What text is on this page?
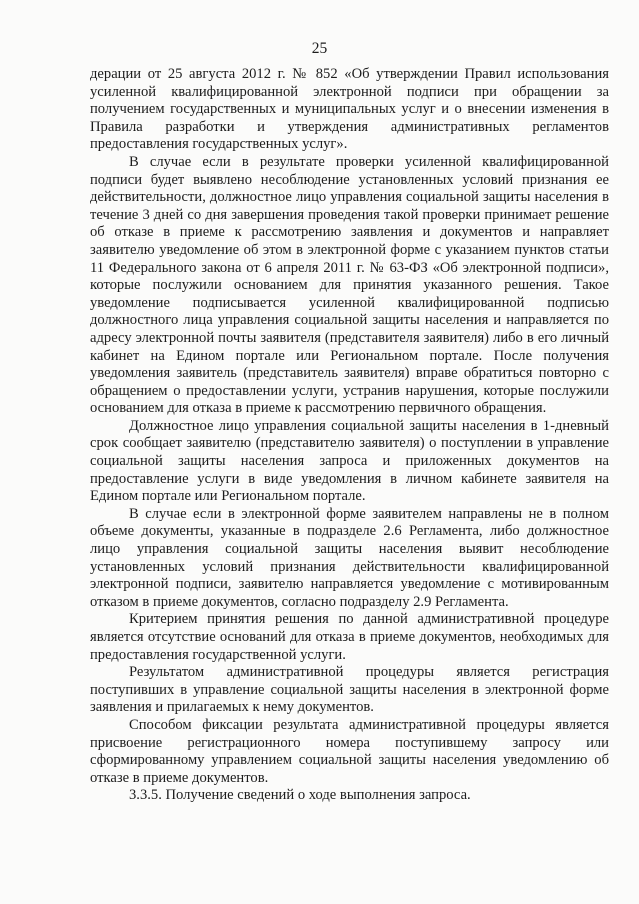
25

дерации от 25 августа 2012 г. № 852 «Об утверждении Правил использования усиленной квалифицированной электронной подписи при обращении за получением государственных и муниципальных услуг и о внесении изменения в Правила разработки и утверждения административных регламентов предоставления государственных услуг».

В случае если в результате проверки усиленной квалифицированной подписи будет выявлено несоблюдение установленных условий признания ее действительности, должностное лицо управления социальной защиты населения в течение 3 дней со дня завершения проведения такой проверки принимает решение об отказе в приеме к рассмотрению заявления и документов и направляет заявителю уведомление об этом в электронной форме с указанием пунктов статьи 11 Федерального закона от 6 апреля 2011 г. № 63-ФЗ «Об электронной подписи», которые послужили основанием для принятия указанного решения. Такое уведомление подписывается усиленной квалифицированной подписью должностного лица управления социальной защиты населения и направляется по адресу электронной почты заявителя (представителя заявителя) либо в его личный кабинет на Едином портале или Региональном портале. После получения уведомления заявитель (представитель заявителя) вправе обратиться повторно с обращением о предоставлении услуги, устранив нарушения, которые послужили основанием для отказа в приеме к рассмотрению первичного обращения.

Должностное лицо управления социальной защиты населения в 1-дневный срок сообщает заявителю (представителю заявителя) о поступлении в управление социальной защиты населения запроса и приложенных документов на предоставление услуги в виде уведомления в личном кабинете заявителя на Едином портале или Региональном портале.

В случае если в электронной форме заявителем направлены не в полном объеме документы, указанные в подразделе 2.6 Регламента, либо должностное лицо управления социальной защиты населения выявит несоблюдение установленных условий признания действительности квалифицированной электронной подписи, заявителю направляется уведомление с мотивированным отказом в приеме документов, согласно подразделу 2.9 Регламента.

Критерием принятия решения по данной административной процедуре является отсутствие оснований для отказа в приеме документов, необходимых для предоставления государственной услуги.

Результатом административной процедуры является регистрация поступивших в управление социальной защиты населения в электронной форме заявления и прилагаемых к нему документов.

Способом фиксации результата административной процедуры является присвоение регистрационного номера поступившему запросу или сформированному управлением социальной защиты населения уведомлению об отказе в приеме документов.

3.3.5. Получение сведений о ходе выполнения запроса.
